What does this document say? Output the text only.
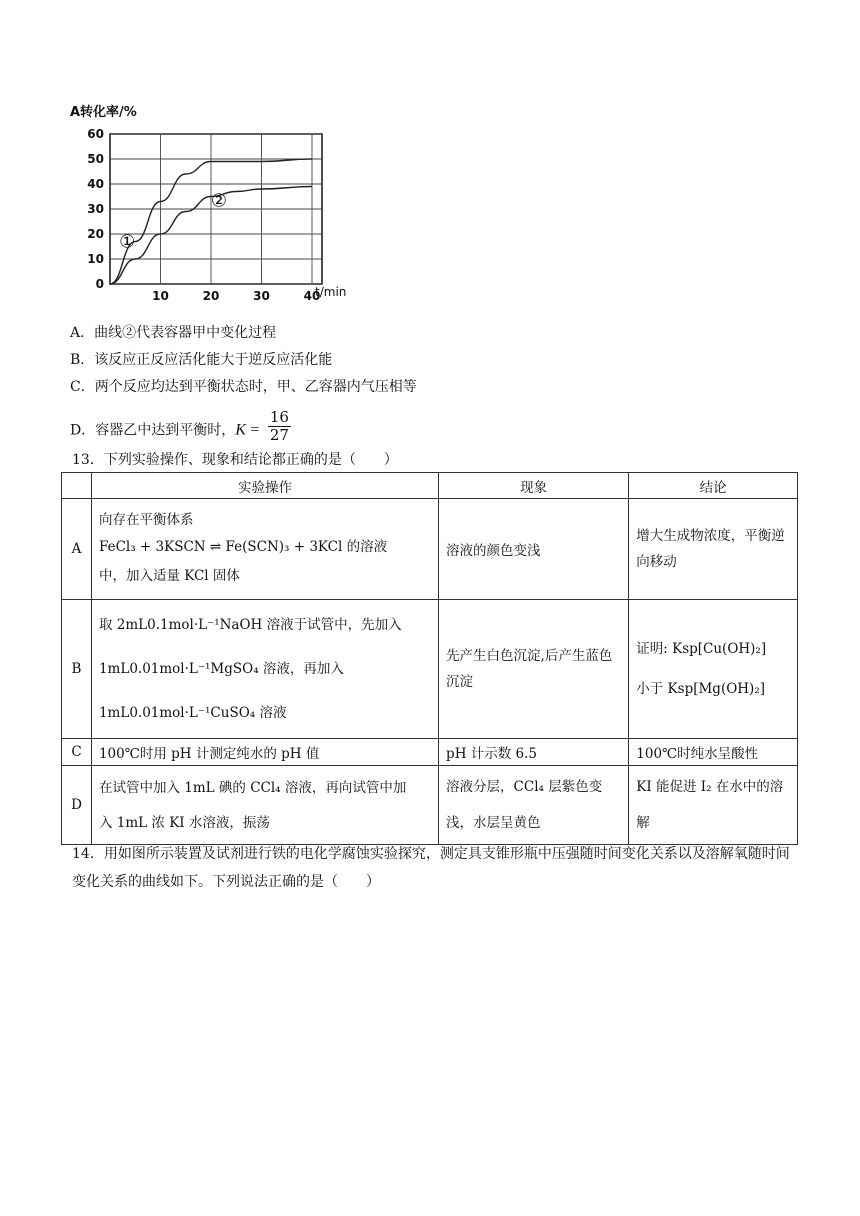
A转化率/%
0
10
20
30
40
50
60
10	20	30	40
t/min
①
②
A．曲线②代表容器甲中变化过程
B．该反应正反应活化能大于逆反应活化能
C．两个反应均达到平衡状态时，甲、乙容器内气压相等
D．容器乙中达到平衡时，$K = \frac{16}{27}$
13．下列实验操作、现象和结论都正确的是（　　）
	实验操作	现象	结论
A	向存在平衡体系
FeCl₃ + 3KSCN ⇌ Fe(SCN)₃ + 3KCl 的溶液
中，加入适量 KCl 固体	溶液的颜色变浅	增大生成物浓度，平衡逆向移动
B	取 2mL0.1mol·L⁻¹NaOH 溶液于试管中，先加入
1mL0.01mol·L⁻¹MgSO₄ 溶液，再加入
1mL0.01mol·L⁻¹CuSO₄ 溶液	先产生白色沉淀,后产生蓝色沉淀	证明: Ksp[Cu(OH)₂]
小于 Ksp[Mg(OH)₂]

C	100℃时用 pH 计测定纯水的 pH 值	pH 计示数 6.5	100℃时纯水呈酸性
D	在试管中加入 1mL 碘的 CCl₄ 溶液，再向试管中加
入 1mL 浓 KI 水溶液，振荡	溶液分层，CCl₄ 层紫色变浅，水层呈黄色	KI 能促进 I₂ 在水中的溶解
14．用如图所示装置及试剂进行铁的电化学腐蚀实验探究，测定具支锥形瓶中压强随时间变化关系以及溶解氧随时间变化关系的曲线如下。下列说法正确的是（　　）
